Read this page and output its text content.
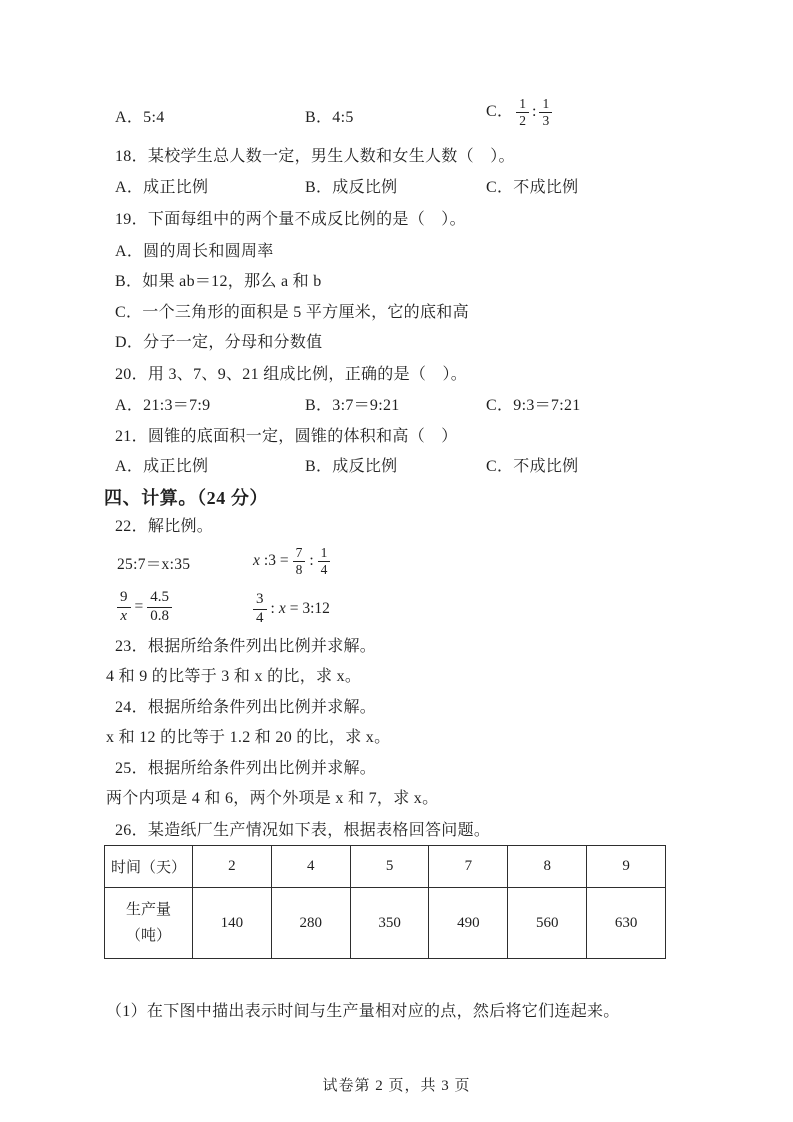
A．5:4	B．4:5	C． $\frac{1}{2}$ : $\frac{1}{3}$
18．某校学生总人数一定，男生人数和女生人数（　）。
A．成正比例	B．成反比例	C．不成比例
19．下面每组中的两个量不成反比例的是（　）。
A．圆的周长和圆周率
B．如果 ab＝12，那么 a 和 b
C．一个三角形的面积是 5 平方厘米，它的底和高
D．分子一定，分母和分数值
20．用 3、7、9、21 组成比例，正确的是（　）。
A．21:3＝7:9	B．3:7＝9:21	C．9:3＝7:21
21．圆锥的底面积一定，圆锥的体积和高（　）
A．成正比例	B．成反比例	C．不成比例
四、计算。（24 分）
22．解比例。
25:7＝x:35	x :3 = $\frac{7}{8}$ : $\frac{1}{4}$
$\frac{9}{x} = \frac{4.5}{0.8}$	$\frac{3}{4}$ : x = 3:12
23．根据所给条件列出比例并求解。
4 和 9 的比等于 3 和 x 的比，求 x。
24．根据所给条件列出比例并求解。
x 和 12 的比等于 1.2 和 20 的比，求 x。
25．根据所给条件列出比例并求解。
两个内项是 4 和 6，两个外项是 x 和 7，求 x。
26．某造纸厂生产情况如下表，根据表格回答问题。
时间（天）	2	4	5	7	8	9

生产量
（吨）	140	280	350	490	560	630
（1）在下图中描出表示时间与生产量相对应的点，然后将它们连起来。
试卷第 2 页，共 3 页
